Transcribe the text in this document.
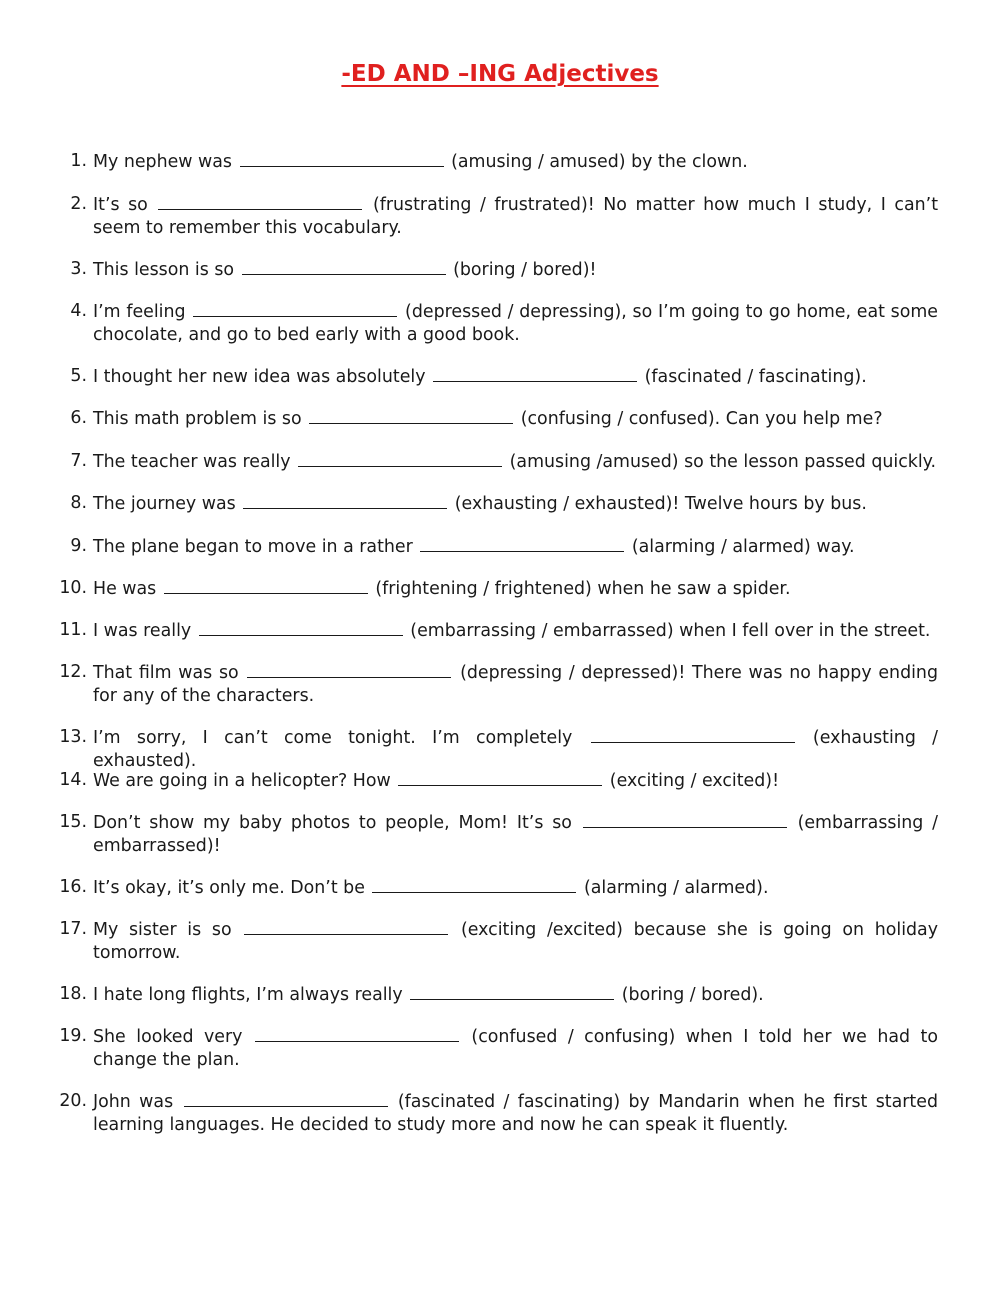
-ED AND –ING Adjectives
1. My nephew was	(amusing / amused) by the clown.
2. It’s so	(frustrating / frustrated)! No matter how much I study, I can’t seem to remember this vocabulary.
3. This lesson is so	(boring / bored)!
4. I’m feeling	(depressed / depressing), so I’m going to go home, eat some chocolate, and go to bed early with a good book.
5. I thought her new idea was absolutely	(fascinated / fascinating).
6. This math problem is so	(confusing / confused). Can you help me?
7. The teacher was really	(amusing /amused) so the lesson passed quickly.
8. The journey was	(exhausting / exhausted)! Twelve hours by bus.
9. The plane began to move in a rather	(alarming / alarmed) way.
10. He was	(frightening / frightened) when he saw a spider.
11. I was really	(embarrassing / embarrassed) when I fell over in the street.
12. That film was so	(depressing / depressed)! There was no happy ending for any of the characters.
13. I’m sorry, I can’t come tonight. I’m completely	(exhausting / exhausted).
14. We are going in a helicopter? How	(exciting / excited)!
15. Don’t show my baby photos to people, Mom! It’s so	(embarrassing / embarrassed)!
16. It’s okay, it’s only me. Don’t be	(alarming / alarmed).
17. My sister is so	(exciting /excited) because she is going on holiday tomorrow.
18. I hate long flights, I’m always really	(boring / bored).
19. She looked very	(confused / confusing) when I told her we had to change the plan.
20. John was	(fascinated / fascinating) by Mandarin when he first started learning languages. He decided to study more and now he can speak it fluently.
